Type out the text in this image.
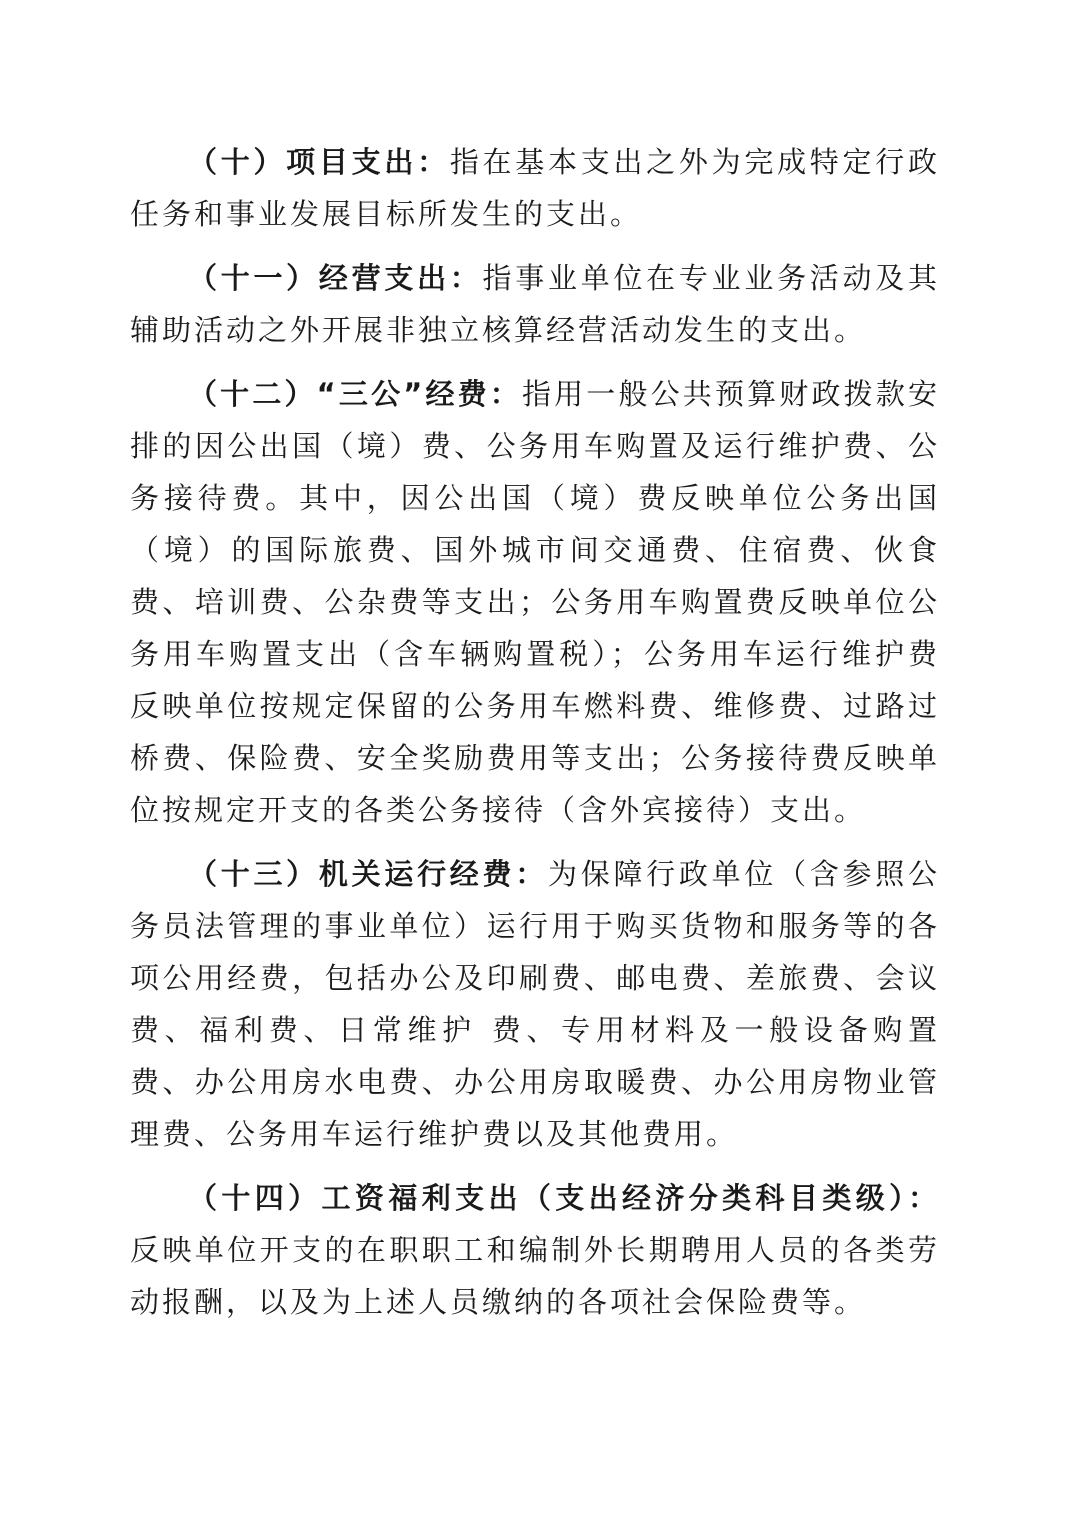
（十）项目支出：指在基本支出之外为完成特定行政任务和事业发展目标所发生的支出。

（十一）经营支出：指事业单位在专业业务活动及其辅助活动之外开展非独立核算经营活动发生的支出。

（十二）“三公”经费：指用一般公共预算财政拨款安排的因公出国（境）费、公务用车购置及运行维护费、公务接待费。其中，因公出国（境）费反映单位公务出国（境）的国际旅费、国外城市间交通费、住宿费、伙食费、培训费、公杂费等支出；公务用车购置费反映单位公务用车购置支出（含车辆购置税）；公务用车运行维护费反映单位按规定保留的公务用车燃料费、维修费、过路过桥费、保险费、安全奖励费用等支出；公务接待费反映单位按规定开支的各类公务接待（含外宾接待）支出。

（十三）机关运行经费：为保障行政单位（含参照公务员法管理的事业单位）运行用于购买货物和服务等的各项公用经费，包括办公及印刷费、邮电费、差旅费、会议费、福利费、日常维护 费、专用材料及一般设备购置费、办公用房水电费、办公用房取暖费、办公用房物业管理费、公务用车运行维护费以及其他费用。

（十四）工资福利支出（支出经济分类科目类级）：反映单位开支的在职职工和编制外长期聘用人员的各类劳动报酬，以及为上述人员缴纳的各项社会保险费等。
